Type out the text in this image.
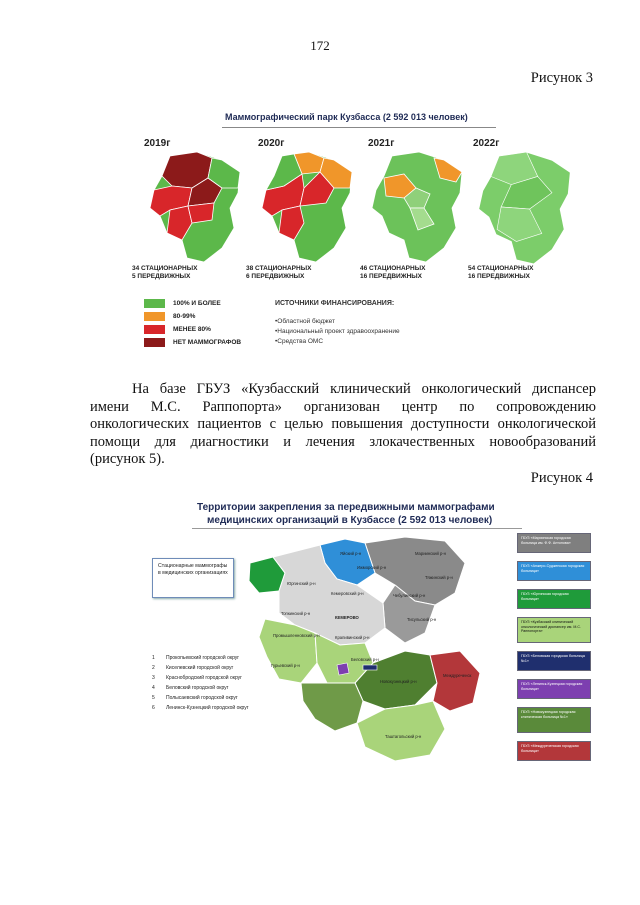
172
Рисунок 3
Маммографический парк Кузбасса (2 592 013 человек)
2019г	2020г	2021г	2022г
34 СТАЦИОНАРНЫХ
5 ПЕРЕДВИЖНЫХ
38 СТАЦИОНАРНЫХ
6 ПЕРЕДВИЖНЫХ
46 СТАЦИОНАРНЫХ
16 ПЕРЕДВИЖНЫХ
54 СТАЦИОНАРНЫХ
16 ПЕРЕДВИЖНЫХ
100% И БОЛЕЕ
80-99%
МЕНЕЕ 80%
НЕТ МАММОГРАФОВ
ИСТОЧНИКИ ФИНАНСИРОВАНИЯ:
•Областной бюджет
•Национальный проект здравоохранение
•Средства ОМС
На базе ГБУЗ «Кузбасский клинический онкологический диспансер
имени М.С. Раппопорта» организован центр по сопровождению
онкологических пациентов с целью повышения доступности онкологической
помощи для диагностики и лечения злокачественных новообразований
(рисунок 5).
Рисунок 4
Территории закрепления за передвижными маммографами
медицинских организаций в Кузбассе (2 592 013 человек)
Стационарные маммографы в медицинских организациях
1	Прокопьевский городской округ
2	Киселевский городской округ
3	Краснобродский городской округ
4	Беловский городской округ
5	Полысаевский городской округ
6	Ленинск-Кузнецкий городской округ
Яйский р-н
Ижморский р-н
Мариинский р-н
Тисульский р-н
Тяжинский р-н
Чебулинский р-н
Юргинский р-н
Топкинский р-н
Кемеровский р-н
КЕМЕРОВО
Промышленновский р-н	Крапивинский р-н
Беловский р-н
Гурьевский р-н
Новокузнецкий р-н
Междуреченск
Таштагольский р-н
ГБУЗ «Мариинская городская больница им. Ф.Ф. Антонова»
ГБУЗ «Анжеро-Судженская городская больница»
ГБУЗ «Юргинская городская больница»
ГБУЗ «Кузбасский клинический онкологический диспансер им. М.С. Раппопорта»
ГБУЗ «Беловская городская больница №1»
ГБУЗ «Ленинск-Кузнецкая городская больница»
ГБУЗ «Новокузнецкая городская клиническая больница №1»
ГБУЗ «Междуреченская городская больница»
